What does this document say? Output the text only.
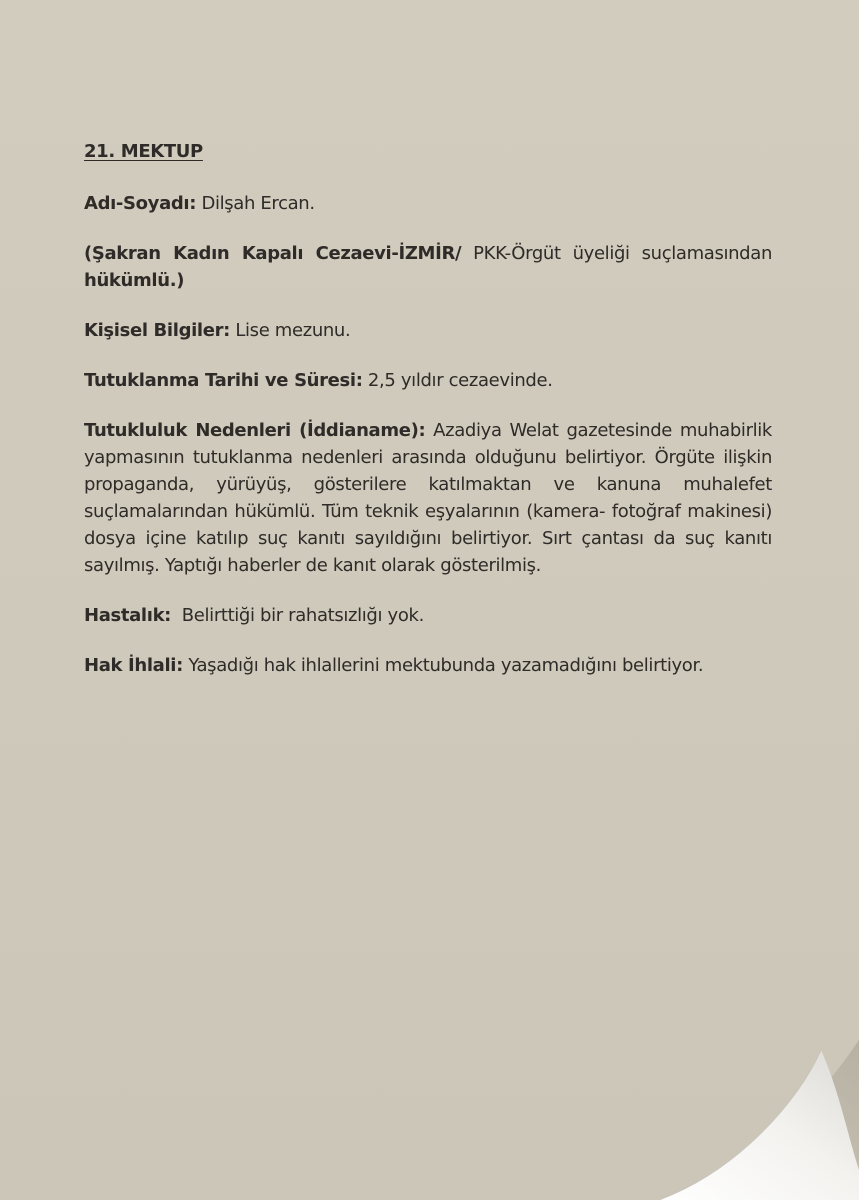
21. MEKTUP
Adı-Soyadı: Dilşah Ercan.
(Şakran Kadın Kapalı Cezaevi-İZMİR/ PKK-Örgüt üyeliği suçlamasından hükümlü.)
Kişisel Bilgiler: Lise mezunu.
Tutuklanma Tarihi ve Süresi: 2,5 yıldır cezaevinde.
Tutukluluk Nedenleri (İddianame): Azadiya Welat gazetesinde muhabirlik yapmasının tutuklanma nedenleri arasında olduğunu belirtiyor. Örgüte ilişkin propaganda, yürüyüş, gösterilere katılmaktan ve kanuna muhalefet suçlamalarından hükümlü. Tüm teknik eşyalarının (kamera- fotoğraf makinesi) dosya içine katılıp suç kanıtı sayıldığını belirtiyor. Sırt çantası da suç kanıtı sayılmış. Yaptığı haberler de kanıt olarak gösterilmiş.
Hastalık:  Belirttiği bir rahatsızlığı yok.
Hak İhlali: Yaşadığı hak ihlallerini mektubunda yazamadığını belirtiyor.
